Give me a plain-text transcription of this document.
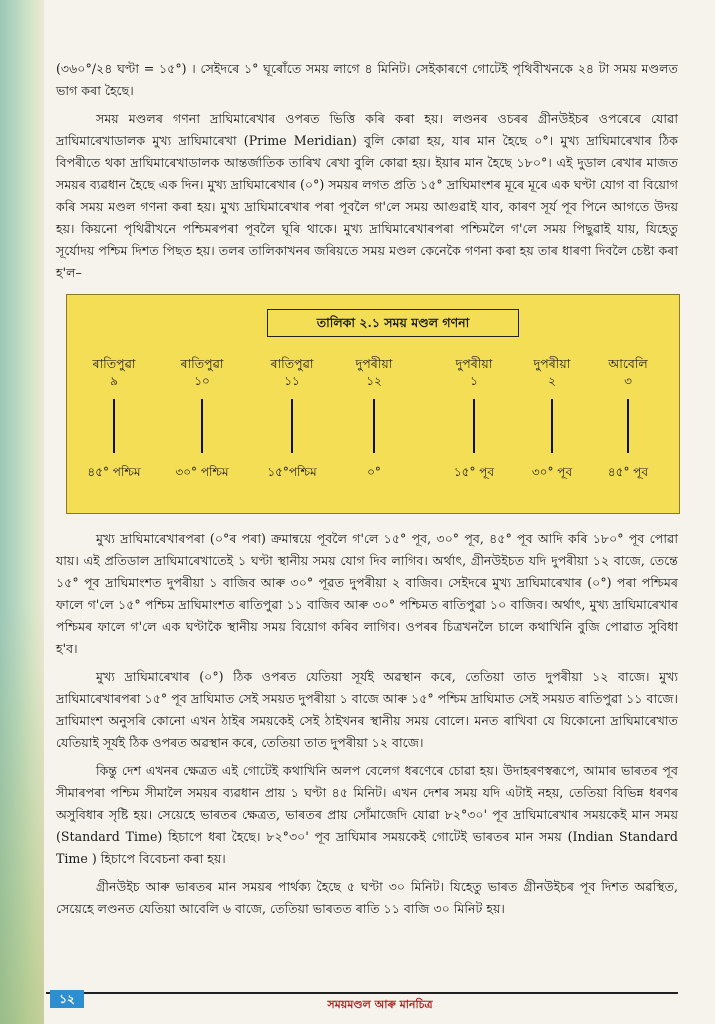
(৩৬০°/২৪ ঘণ্টা = ১৫°) । সেইদৰে ১° ঘূৰোঁতে সময় লাগে ৪ মিনিট। সেইকাৰণে গোটেই পৃথিবীখনকে ২৪ টা সময় মণ্ডলত ভাগ কৰা হৈছে।

সময় মণ্ডলৰ গণনা দ্ৰাঘিমাৰেখাৰ ওপৰত ভিত্তি কৰি কৰা হয়। লণ্ডনৰ ওচৰৰ গ্ৰীনউইচৰ ওপৰেৰে যোৱা দ্ৰাঘিমাৰেখাডালক মুখ্য দ্ৰাঘিমাৰেখা (Prime Meridian) বুলি কোৱা হয়, যাৰ মান হৈছে ০°। মুখ্য দ্ৰাঘিমাৰেখাৰ ঠিক বিপৰীতে থকা দ্ৰাঘিমাৰেখাডালক আন্তৰ্জাতিক তাৰিখ ৰেখা বুলি কোৱা হয়। ইয়াৰ মান হৈছে ১৮০°। এই দুডাল ৰেখাৰ মাজত সময়ৰ ব্যৱধান হৈছে এক দিন। মুখ্য দ্ৰাঘিমাৰেখাৰ (০°) সময়ৰ লগত প্ৰতি ১৫° দ্ৰাঘিমাংশৰ মূৰে মূৰে এক ঘণ্টা যোগ বা বিয়োগ কৰি সময় মণ্ডল গণনা কৰা হয়। মুখ্য দ্ৰাঘিমাৰেখাৰ পৰা পূবলৈ গ'লে সময় আগুৱাই যাব, কাৰণ সূৰ্য পূব পিনে আগতে উদয় হয়। কিয়নো পৃথিৱীখনে পশ্চিমৰপৰা পূবলৈ ঘূৰি থাকে। মুখ্য দ্ৰাঘিমাৰেখাৰপৰা পশ্চিমলৈ গ'লে সময় পিছুৱাই যায়, যিহেতু সূৰ্যোদয় পশ্চিম দিশত পিছত হয়। তলৰ তালিকাখনৰ জৰিয়তে সময় মণ্ডল কেনেকৈ গণনা কৰা হয় তাৰ ধাৰণা দিবলৈ চেষ্টা কৰা হ'ল–

তালিকা ২.১ সময় মণ্ডল গণনা
ৰাতিপুৱা
৯
৪৫° পশ্চিম
ৰাতিপুৱা
১০
৩০° পশ্চিম
ৰাতিপুৱা
১১
১৫°পশ্চিম
দুপৰীয়া
১২
০°
দুপৰীয়া
১
১৫° পূব
দুপৰীয়া
২
৩০° পূব
আবেলি
৩
৪৫° পূব

মুখ্য দ্ৰাঘিমাৰেখাৰপৰা (০°ৰ পৰা) ক্ৰমান্বয়ে পূবলৈ গ'লে ১৫° পূব, ৩০° পূব, ৪৫° পূব আদি কৰি ১৮০° পূব পোৱা যায়। এই প্ৰতিডাল দ্ৰাঘিমাৰেখাতেই ১ ঘণ্টা স্থানীয় সময় যোগ দিব লাগিব। অৰ্থাৎ, গ্ৰীনউইচত যদি দুপৰীয়া ১২ বাজে, তেন্তে ১৫° পূব দ্ৰাঘিমাংশত দুপৰীয়া ১ বাজিব আৰু ৩০° পূৱত দুপৰীয়া ২ বাজিব। সেইদৰে মুখ্য দ্ৰাঘিমাৰেখাৰ (০°) পৰা পশ্চিমৰ ফালে গ'লে ১৫° পশ্চিম দ্ৰাঘিমাংশত ৰাতিপুৱা ১১ বাজিব আৰু ৩০° পশ্চিমত ৰাতিপুৱা ১০ বাজিব। অৰ্থাৎ, মুখ্য দ্ৰাঘিমাৰেখাৰ পশ্চিমৰ ফালে গ'লে এক ঘণ্টাকৈ স্থানীয় সময় বিয়োগ কৰিব লাগিব। ওপৰৰ চিত্ৰখনলৈ চালে কথাখিনি বুজি পোৱাত সুবিধা হ'ব।

মুখ্য দ্ৰাঘিমাৰেখাৰ (০°) ঠিক ওপৰত যেতিয়া সূৰ্যই অৱস্থান কৰে, তেতিয়া তাত দুপৰীয়া ১২ বাজে। মুখ্য দ্ৰাঘিমাৰেখাৰপৰা ১৫° পূব দ্ৰাঘিমাত সেই সময়ত দুপৰীয়া ১ বাজে আৰু ১৫° পশ্চিম দ্ৰাঘিমাত সেই সময়ত ৰাতিপুৱা ১১ বাজে। দ্ৰাঘিমাংশ অনুসৰি কোনো এখন ঠাইৰ সময়কেই সেই ঠাইখনৰ স্থানীয় সময় বোলে। মনত ৰাখিবা যে যিকোনো দ্ৰাঘিমাৰেখাত যেতিয়াই সূৰ্যই ঠিক ওপৰত অৱস্থান কৰে, তেতিয়া তাত দুপৰীয়া ১২ বাজে।

কিন্তু দেশ এখনৰ ক্ষেত্ৰত এই গোটেই কথাখিনি অলপ বেলেগ ধৰণেৰে চোৱা হয়। উদাহৰণস্বৰূপে, আমাৰ ভাৰতৰ পূব সীমাৰপৰা পশ্চিম সীমালৈ সময়ৰ ব্যৱধান প্ৰায় ১ ঘণ্টা ৪৫ মিনিট। এখন দেশৰ সময় যদি এটাই নহয়, তেতিয়া বিভিন্ন ধৰণৰ অসুবিধাৰ সৃষ্টি হয়। সেয়েহে ভাৰতৰ ক্ষেত্ৰত, ভাৰতৰ প্ৰায় সোঁমাজেদি যোৱা ৮২°৩০' পূব দ্ৰাঘিমাৰেখাৰ সময়কেই মান সময় (Standard Time) হিচাপে ধৰা হৈছে। ৮২°৩০' পূব দ্ৰাঘিমাৰ সময়কেই গোটেই ভাৰতৰ মান সময় (Indian Standard Time ) হিচাপে বিবেচনা কৰা হয়।

গ্ৰীনউইচ আৰু ভাৰতৰ মান সময়ৰ পাৰ্থক্য হৈছে ৫ ঘণ্টা ৩০ মিনিট। যিহেতু ভাৰত গ্ৰীনউইচৰ পূব দিশত অৱস্থিত, সেয়েহে লণ্ডনত যেতিয়া আবেলি ৬ বাজে, তেতিয়া ভাৰতত ৰাতি ১১ বাজি ৩০ মিনিট হয়।

১২	সময়মণ্ডল আৰু মানচিত্ৰ
